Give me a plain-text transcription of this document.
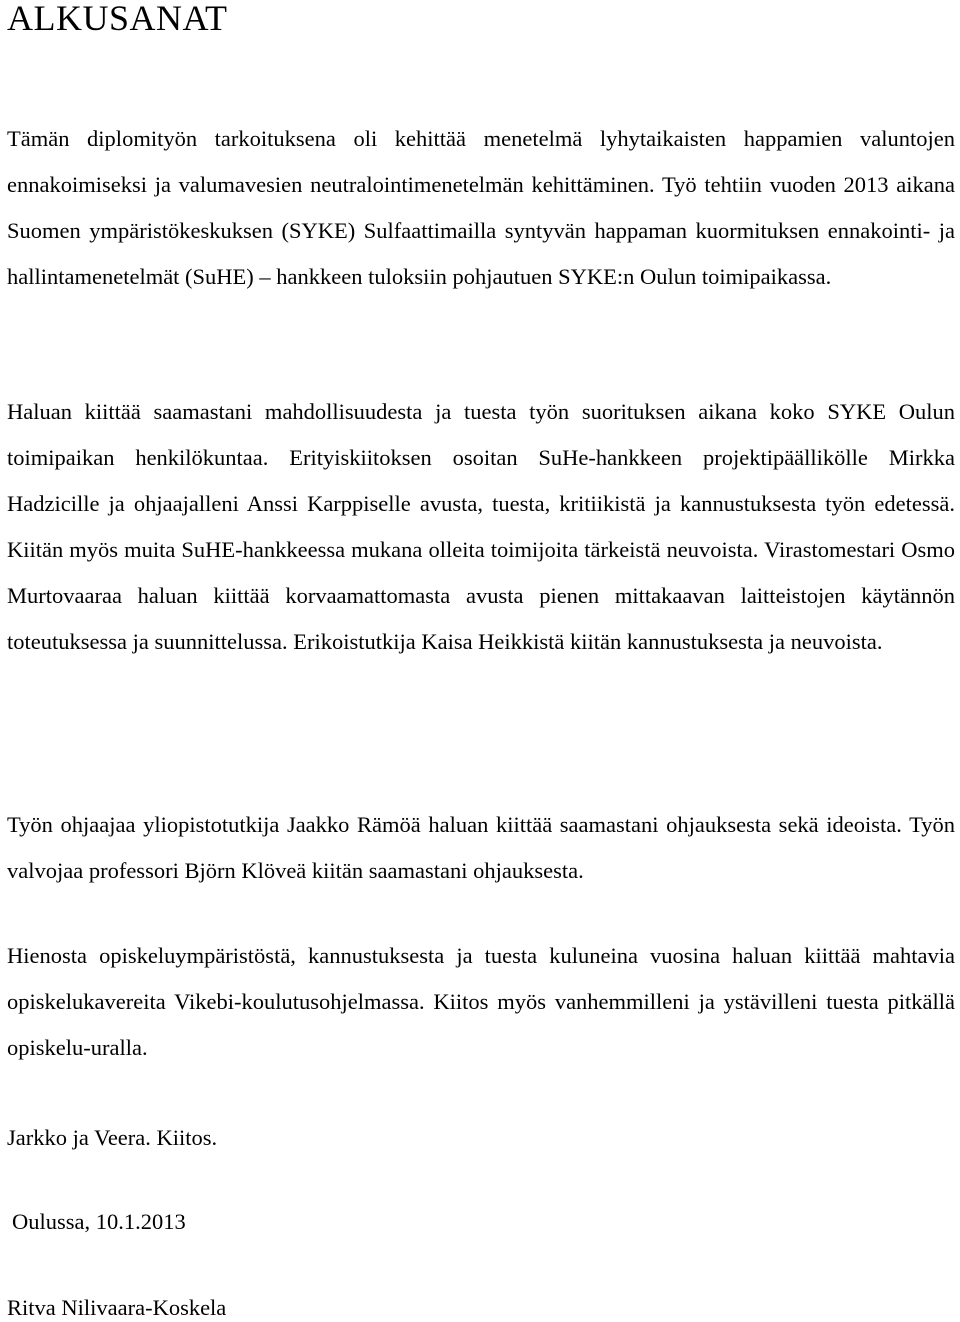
ALKUSANAT

Tämän diplomityön tarkoituksena oli kehittää menetelmä lyhytaikaisten happamien valuntojen ennakoimiseksi ja valumavesien neutralointimenetelmän kehittäminen. Työ tehtiin vuoden 2013 aikana Suomen ympäristökeskuksen (SYKE) Sulfaattimailla syntyvän happaman kuormituksen ennakointi- ja hallintamenetelmät (SuHE) – hankkeen tuloksiin pohjautuen SYKE:n Oulun toimipaikassa.

Haluan kiittää saamastani mahdollisuudesta ja tuesta työn suorituksen aikana koko SYKE Oulun toimipaikan henkilökuntaa. Erityiskiitoksen osoitan SuHe-hankkeen projektipäällikölle Mirkka Hadzicille ja ohjaajalleni Anssi Karppiselle avusta, tuesta, kritiikistä ja kannustuksesta työn edetessä. Kiitän myös muita SuHE-hankkeessa mukana olleita toimijoita tärkeistä neuvoista. Virastomestari Osmo Murtovaaraa haluan kiittää korvaamattomasta avusta pienen mittakaavan laitteistojen käytännön toteutuksessa ja suunnittelussa. Erikoistutkija Kaisa Heikkistä kiitän kannustuksesta ja neuvoista.

Työn ohjaajaa yliopistotutkija Jaakko Rämöä haluan kiittää saamastani ohjauksesta sekä ideoista. Työn valvojaa professori Björn Klöveä kiitän saamastani ohjauksesta.

Hienosta opiskeluympäristöstä, kannustuksesta ja tuesta kuluneina vuosina haluan kiittää mahtavia opiskelukavereita Vikebi-koulutusohjelmassa. Kiitos myös vanhemmilleni ja ystävilleni tuesta pitkällä opiskelu-uralla.

Jarkko ja Veera. Kiitos.

Oulussa, 10.1.2013

Ritva Nilivaara-Koskela
